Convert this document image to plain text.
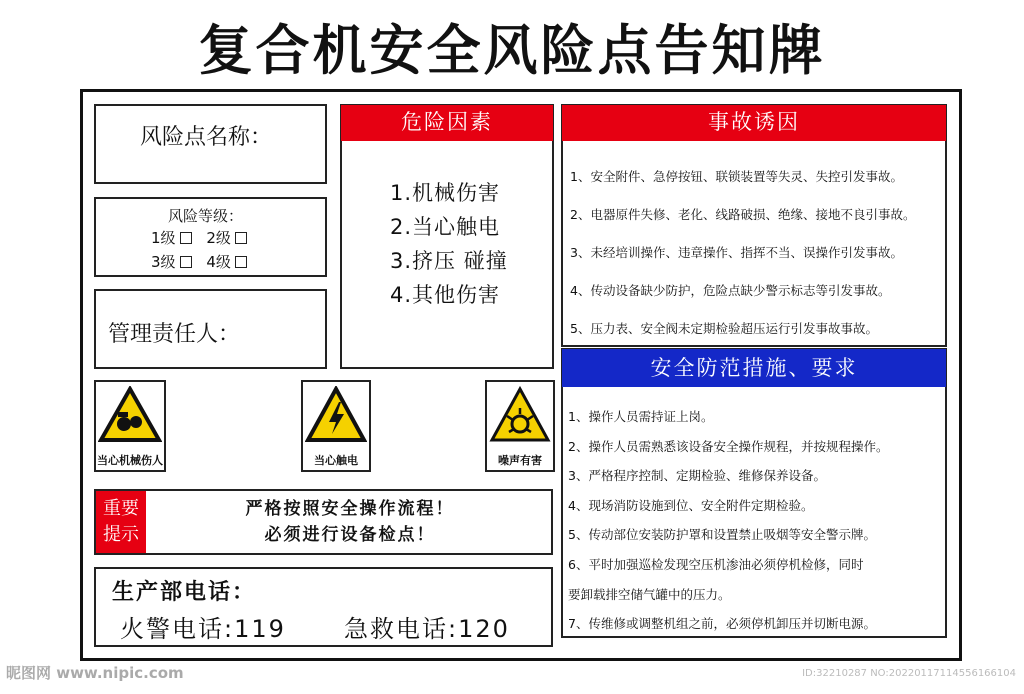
复合机安全风险点告知牌
风险点名称：
风险等级：
1级 2级
3级 4级
管理责任人：
危险因素
1.机械伤害
2.当心触电
3.挤压 碰撞
4.其他伤害
事故诱因
1、安全附件、急停按钮、联锁装置等失灵、失控引发事故。
2、电器原件失修、老化、线路破损、绝缘、接地不良引事故。
3、未经培训操作、违章操作、指挥不当、误操作引发事故。
4、传动设备缺少防护，危险点缺少警示标志等引发事故。
5、压力表、安全阀未定期检验超压运行引发事故事故。
安全防范措施、要求
1、操作人员需持证上岗。
2、操作人员需熟悉该设备安全操作规程，并按规程操作。
3、严格程序控制、定期检验、维修保养设备。
4、现场消防设施到位、安全附件定期检验。
5、传动部位安装防护罩和设置禁止吸烟等安全警示牌。
6、平时加强巡检发现空压机渗油必须停机检修，同时
要卸载排空储气罐中的压力。
7、传维修或调整机组之前，必须停机卸压并切断电源。
当心机械伤人	当心触电	噪声有害
重要
提示
严格按照安全操作流程！
必须进行设备检点！
生产部电话：
火警电话:119 急救电话:120
昵图网 www.nipic.com	ID:32210287 NO:20220117114556166104
